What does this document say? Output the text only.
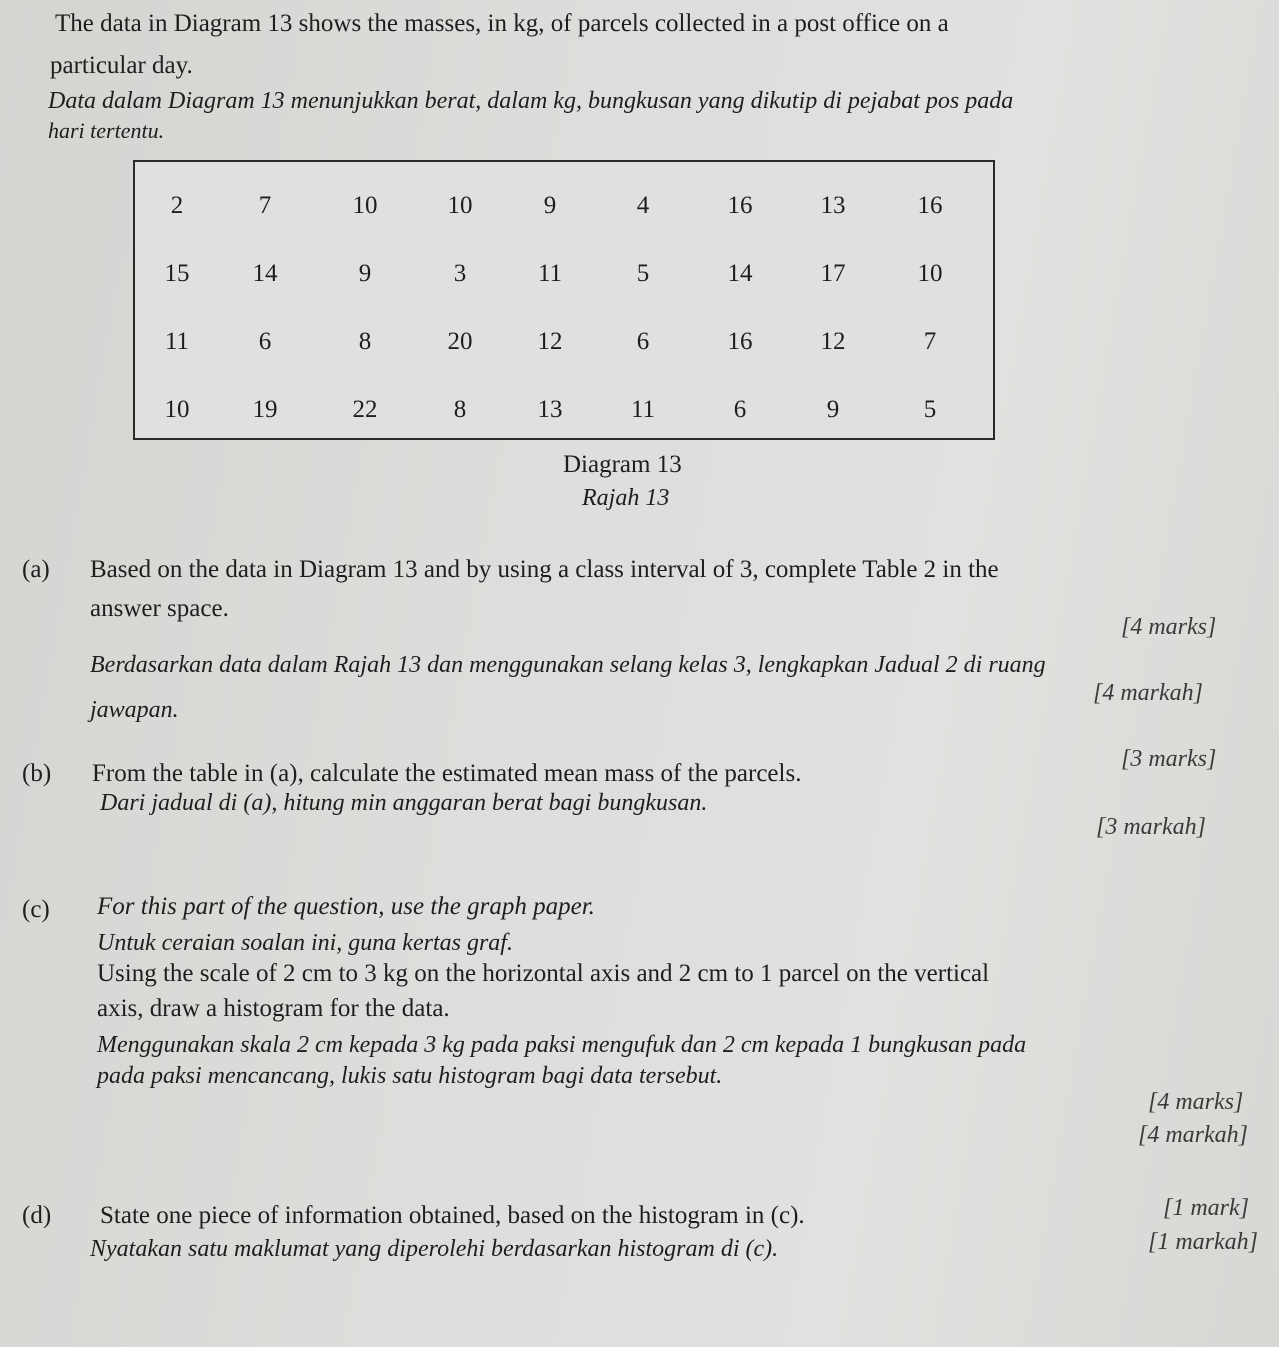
The data in Diagram 13 shows the masses, in kg, of parcels collected in a post office on a
particular day.
Data dalam Diagram 13 menunjukkan berat, dalam kg, bungkusan yang dikutip di pejabat pos pada
hari tertentu.
2	7	10	10	9	4	16	13	16
15	14	9	3	11	5	14	17	10
11	6	8	20	12	6	16	12	7
10	19	22	8	13	11	6	9	5
Diagram 13
Rajah 13
(a) Based on the data in Diagram 13 and by using a class interval of 3, complete Table 2 in the
answer space.
[4 marks]
Berdasarkan data dalam Rajah 13 dan menggunakan selang kelas 3, lengkapkan Jadual 2 di ruang
[4 markah]
jawapan.
(b) From the table in (a), calculate the estimated mean mass of the parcels.
[3 marks]
Dari jadual di (a), hitung min anggaran berat bagi bungkusan.
[3 markah]
(c) For this part of the question, use the graph paper.
Untuk ceraian soalan ini, guna kertas graf.
Using the scale of 2 cm to 3 kg on the horizontal axis and 2 cm to 1 parcel on the vertical
axis, draw a histogram for the data.
Menggunakan skala 2 cm kepada 3 kg pada paksi mengufuk dan 2 cm kepada 1 bungkusan pada
pada paksi mencancang, lukis satu histogram bagi data tersebut.
[4 marks]
[4 markah]
(d) State one piece of information obtained, based on the histogram in (c).	[1 mark]
Nyatakan satu maklumat yang diperolehi berdasarkan histogram di (c).	[1 markah]
